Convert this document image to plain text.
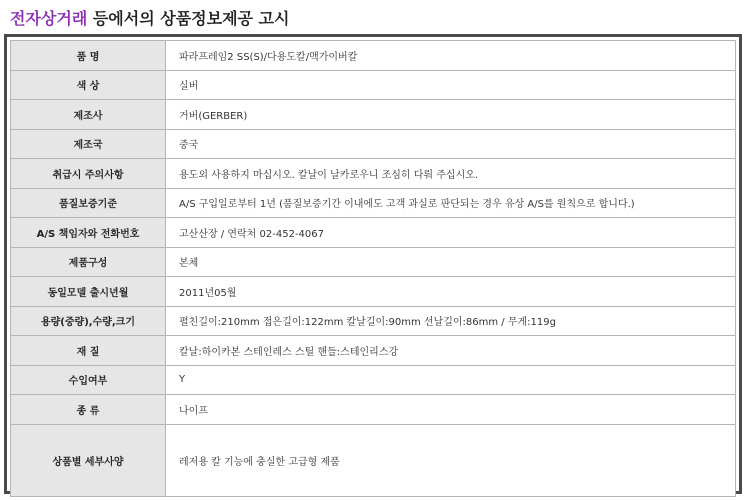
전자상거래 등에서의 상품정보제공 고시
품 명	파라프레임2 SS(S)/다용도칼/맥가이버칼
색 상	실버
제조사	거버(GERBER)
제조국	중국
취급시 주의사항	용도외 사용하지 마십시오. 칼날이 날카로우니 조심히 다뤄 주십시오.
품질보증기준	A/S 구입일로부터 1년 (품질보증기간 이내에도 고객 과실로 판단되는 경우 유상 A/S를 원칙으로 합니다.)
A/S 책임자와 전화번호	고산산장 / 연락처 02-452-4067
제품구성	본체
동일모델 출시년월	2011년05월
용량(중량),수량,크기	펼친길이:210mm 접은길이:122mm 칼날길이:90mm 선날길이:86mm / 무게:119g
재 질	칼날:하이카본 스테인레스 스틸 핸들:스테인리스강
수입여부	Y
종 류	나이프
상품별 세부사양	레저용 칼 기능에 충실한 고급형 제품
